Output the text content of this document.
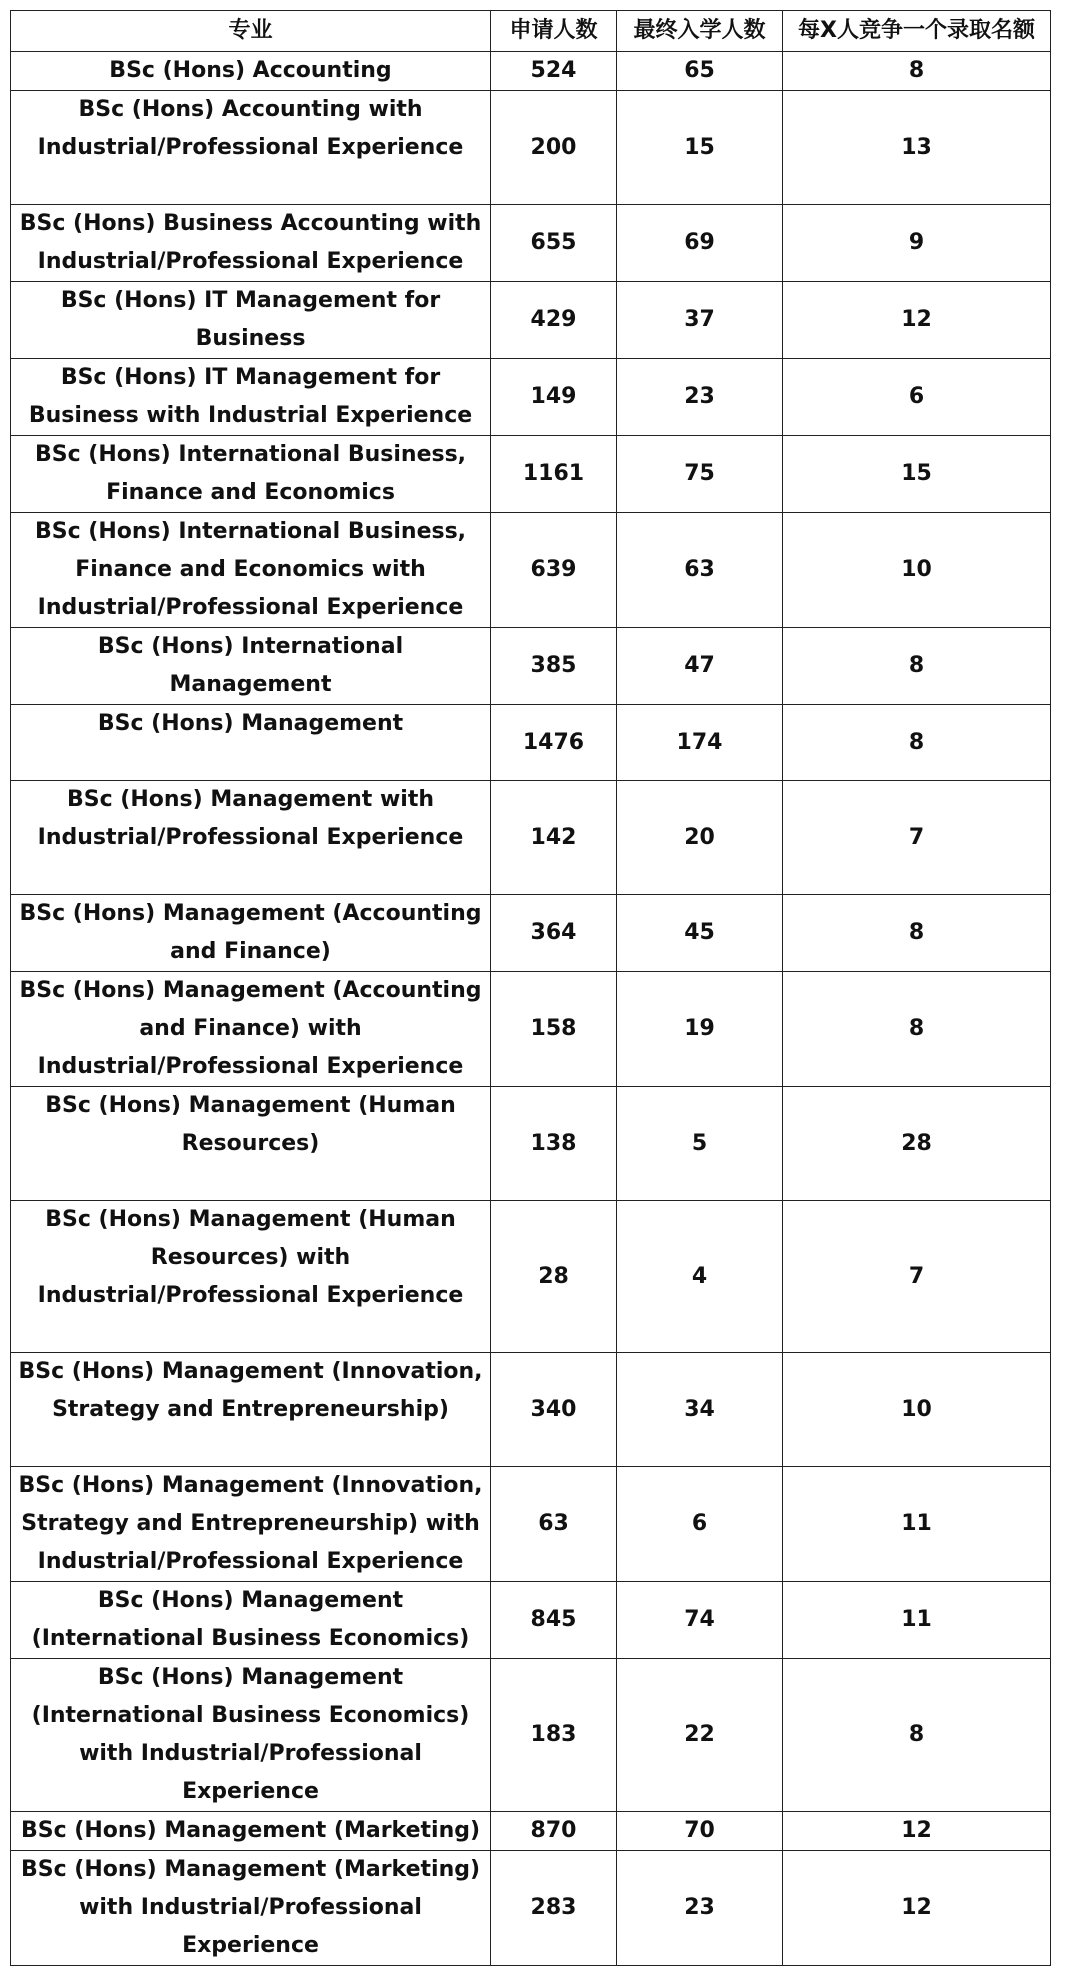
专业	申请人数	最终入学人数	每X人竞争一个录取名额
BSc (Hons) Accounting	524	65	8
BSc (Hons) Accounting with Industrial/Professional Experience	200	15	13
BSc (Hons) Business Accounting with Industrial/Professional Experience	655	69	9
BSc (Hons) IT Management for Business	429	37	12
BSc (Hons) IT Management for Business with Industrial Experience	149	23	6
BSc (Hons) International Business, Finance and Economics	1161	75	15
BSc (Hons) International Business, Finance and Economics with Industrial/Professional Experience	639	63	10
BSc (Hons) International Management	385	47	8
BSc (Hons) Management	1476	174	8
BSc (Hons) Management with Industrial/Professional Experience	142	20	7
BSc (Hons) Management (Accounting and Finance)	364	45	8
BSc (Hons) Management (Accounting and Finance) with Industrial/Professional Experience	158	19	8
BSc (Hons) Management (Human Resources)	138	5	28
BSc (Hons) Management (Human Resources) with Industrial/Professional Experience	28	4	7
BSc (Hons) Management (Innovation, Strategy and Entrepreneurship)	340	34	10
BSc (Hons) Management (Innovation, Strategy and Entrepreneurship) with Industrial/Professional Experience	63	6	11
BSc (Hons) Management (International Business Economics)	845	74	11
BSc (Hons) Management (International Business Economics) with Industrial/Professional Experience	183	22	8
BSc (Hons) Management (Marketing)	870	70	12
BSc (Hons) Management (Marketing) with Industrial/Professional Experience	283	23	12
